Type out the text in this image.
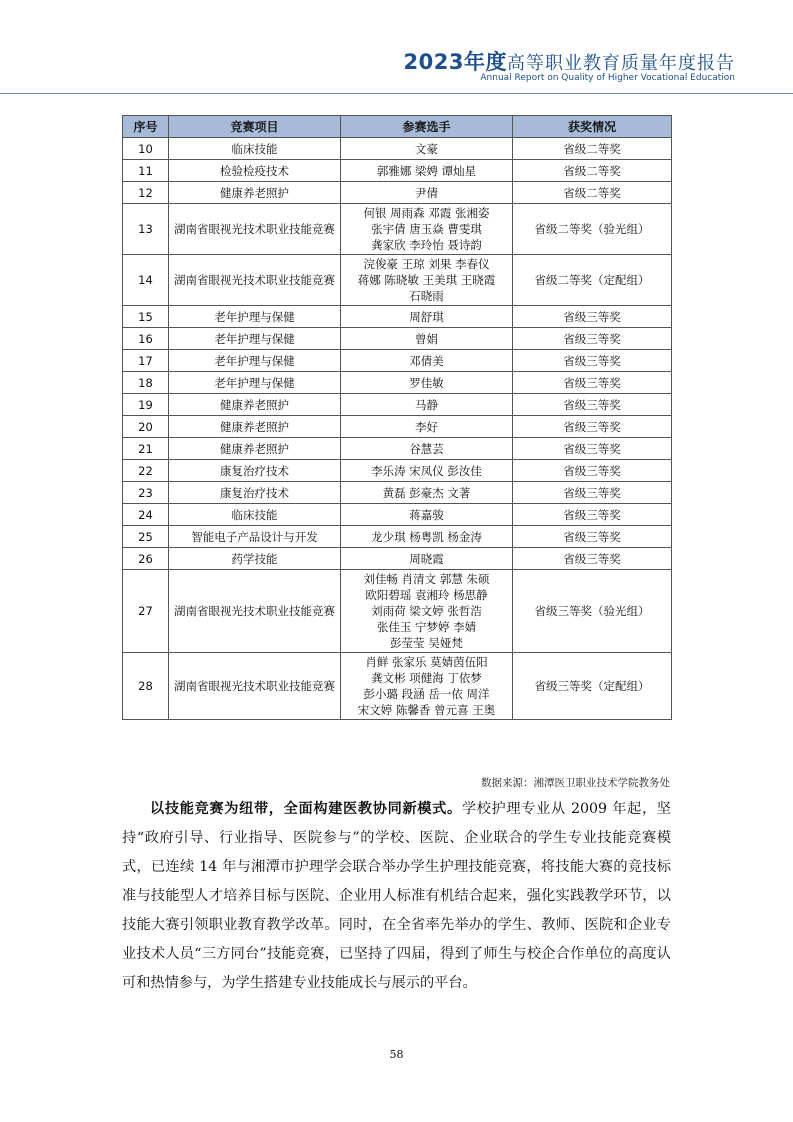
2023年度高等职业教育质量年度报告
Annual Report on Quality of Higher Vocational Education
序号	竞赛项目	参赛选手	获奖情况
10	临床技能	文豪	省级二等奖
11	检验检疫技术	郭雅娜 梁娉 谭灿星	省级二等奖
12	健康养老照护	尹倩	省级二等奖
13	湖南省眼视光技术职业技能竞赛	何银 周雨森 邓霞 张湘姿
张宇倩 唐玉焱 曹雯琪
龚家欣 李玲怡 聂诗韵	省级二等奖（验光组）
14	湖南省眼视光技术职业技能竞赛	浣俊豪 王琼 刘果 李春仪
蒋娜 陈晓敏 王美琪 王晓霞
石晓雨	省级二等奖（定配组）
15	老年护理与保健	周舒琪	省级三等奖
16	老年护理与保健	曾娟	省级三等奖
17	老年护理与保健	邓倩美	省级三等奖
18	老年护理与保健	罗佳敏	省级三等奖
19	健康养老照护	马静	省级三等奖
20	健康养老照护	李好	省级三等奖
21	健康养老照护	谷慧芸	省级三等奖
22	康复治疗技术	李乐涛 宋凤仪 彭汝佳	省级三等奖
23	康复治疗技术	黄磊 彭豪杰 文著	省级三等奖
24	临床技能	蒋嘉骏	省级三等奖
25	智能电子产品设计与开发	龙少琪 杨粤凯 杨金涛	省级三等奖
26	药学技能	周晓霞	省级三等奖
27	湖南省眼视光技术职业技能竞赛	刘佳畅 肖清文 郭慧 朱硕
欧阳碧瑶 袁湘玲 杨思静
刘雨荷 梁文婷 张哲浩
张佳玉 宁梦婷 李婧
彭莹莹 吴娅梵	省级三等奖（验光组）
28	湖南省眼视光技术职业技能竞赛	肖鲜 张家乐 莫婧茵伍阳
龚文彬 项健海 丁依梦
彭小璐 段涵 岳一依 周洋
宋文婷 陈馨香 曾元喜 王奥	省级三等奖（定配组）
数据来源：湘潭医卫职业技术学院教务处

以技能竞赛为纽带，全面构建医教协同新模式。学校护理专业从 2009 年起，坚持“政府引导、行业指导、医院参与”的学校、医院、企业联合的学生专业技能竞赛模式，已连续 14 年与湘潭市护理学会联合举办学生护理技能竞赛，将技能大赛的竞技标准与技能型人才培养目标与医院、企业用人标准有机结合起来，强化实践教学环节，以技能大赛引领职业教育教学改革。同时，在全省率先举办的学生、教师、医院和企业专业技术人员“三方同台”技能竞赛，已坚持了四届，得到了师生与校企合作单位的高度认可和热情参与，为学生搭建专业技能成长与展示的平台。

58
